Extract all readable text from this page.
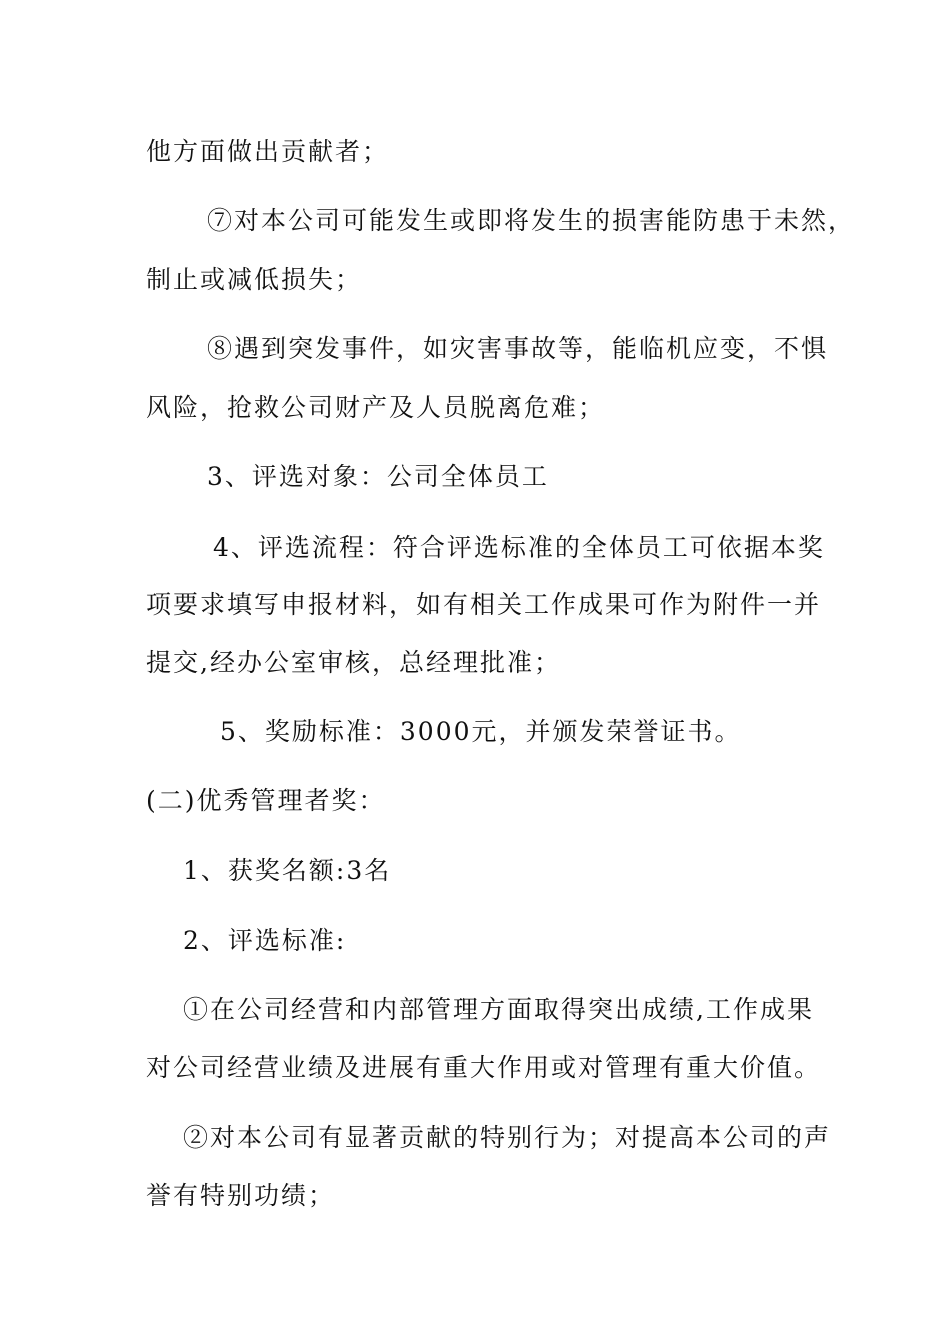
他方面做出贡献者；
⑦对本公司可能发生或即将发生的损害能防患于未然，
制止或减低损失；
⑧遇到突发事件，如灾害事故等，能临机应变，不惧
风险，抢救公司财产及人员脱离危难；
3、评选对象：公司全体员工
4、评选流程：符合评选标准的全体员工可依据本奖
项要求填写申报材料，如有相关工作成果可作为附件一并
提交,经办公室审核，总经理批准；
5、奖励标准：3000元，并颁发荣誉证书。
(二)优秀管理者奖：
1、获奖名额:3名
2、评选标准:
①在公司经营和内部管理方面取得突出成绩,工作成果
对公司经营业绩及进展有重大作用或对管理有重大价值。
②对本公司有显著贡献的特别行为；对提高本公司的声
誉有特别功绩；
